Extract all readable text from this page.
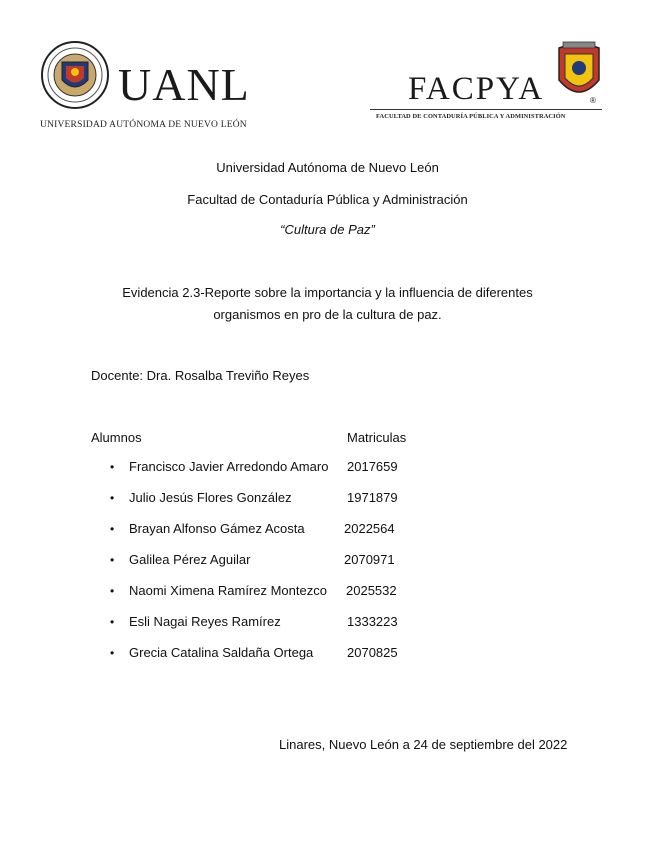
UANL
UNIVERSIDAD AUTÓNOMA DE NUEVO LEÓN
FACPYA	®
FACULTAD DE CONTADURÍA PÚBLICA Y ADMINISTRACIÓN
Universidad Autónoma de Nuevo León
Facultad de Contaduría Pública y Administración
“Cultura de Paz”
Evidencia 2.3-Reporte sobre la importancia y la influencia de diferentes
organismos en pro de la cultura de paz.
Docente: Dra. Rosalba Treviño Reyes
Alumnos	Matriculas
• Francisco Javier Arredondo Amaro 2017659
• Julio Jesús Flores González	1971879
• Brayan Alfonso Gámez Acosta	2022564
• Galilea Pérez Aguilar	2070971
• Naomi Ximena Ramírez Montezco 2025532
• Esli Nagai Reyes Ramírez	1333223
• Grecia Catalina Saldaña Ortega	2070825
Linares, Nuevo León a 24 de septiembre del 2022
